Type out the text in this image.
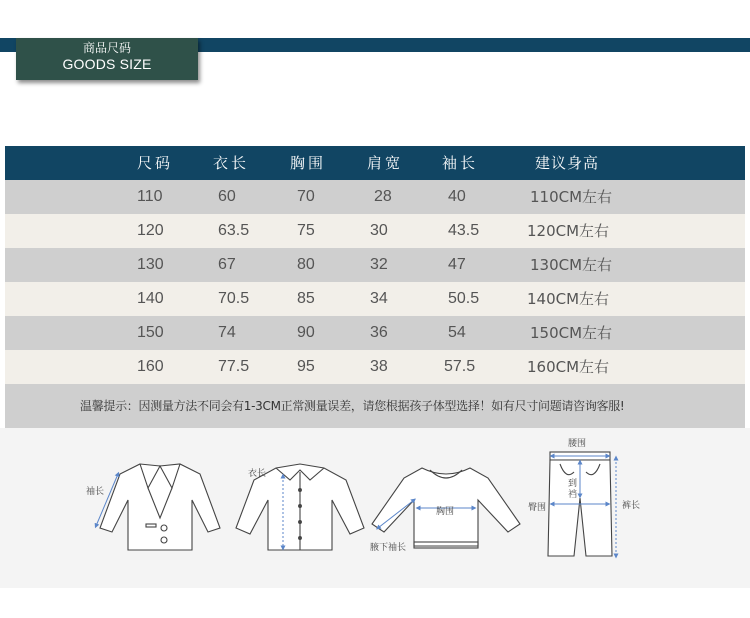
商品尺码
GOODS SIZE
尺码	衣长	胸围	肩宽	袖长	建议身高
110	60	70	28	40	110CM左右
120	63.5	75	30	43.5	120CM左右
130	67	80	32	47	130CM左右
140	70.5	85	34	50.5	140CM左右
150	74	90	36	54	150CM左右
160	77.5	95	38	57.5	160CM左右
温馨提示：因测量方法不同会有1-3CM正常测量误差，请您根据孩子体型选择！如有尺寸问题请咨询客服!
袖长
衣长
胸围
腋下袖长
腰围
到
裆
臀围	裤长
